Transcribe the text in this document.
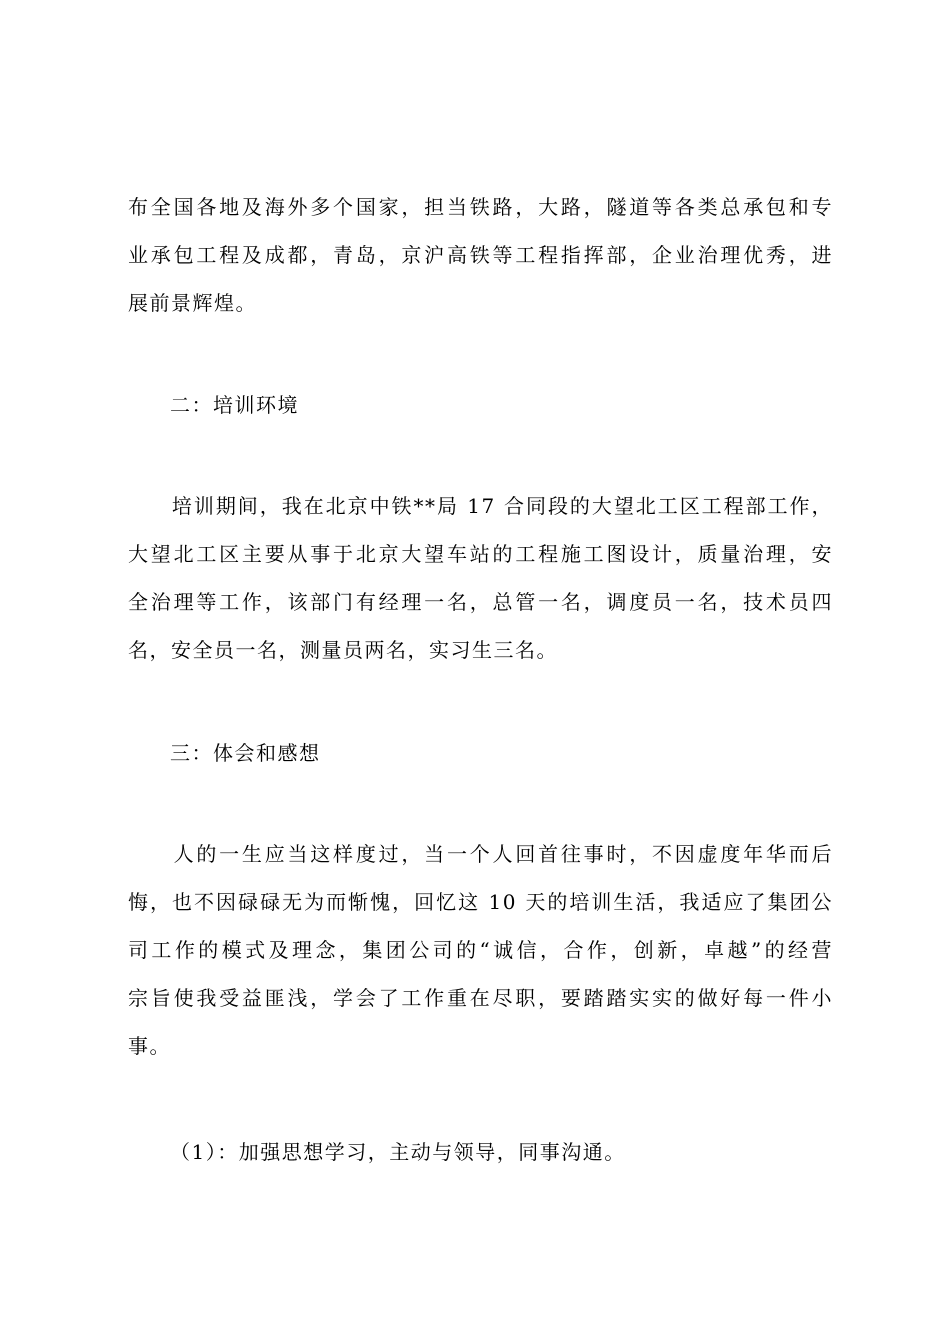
布全国各地及海外多个国家，担当铁路，大路，隧道等各类总承包和专
业承包工程及成都，青岛，京沪高铁等工程指挥部，企业治理优秀，进
展前景辉煌。
二：培训环境
　　培训期间，我在北京中铁**局 17 合同段的大望北工区工程部工作，
大望北工区主要从事于北京大望车站的工程施工图设计，质量治理，安
全治理等工作，该部门有经理一名，总管一名，调度员一名，技术员四
名，安全员一名，测量员两名，实习生三名。
三：体会和感想
　　人的一生应当这样度过，当一个人回首往事时，不因虚度年华而后
悔，也不因碌碌无为而惭愧，回忆这 10 天的培训生活，我适应了集团公
司工作的模式及理念，集团公司的“诚信，合作，创新，卓越”的经营
宗旨使我受益匪浅，学会了工作重在尽职，要踏踏实实的做好每一件小
事。
（1）：加强思想学习，主动与领导，同事沟通。
